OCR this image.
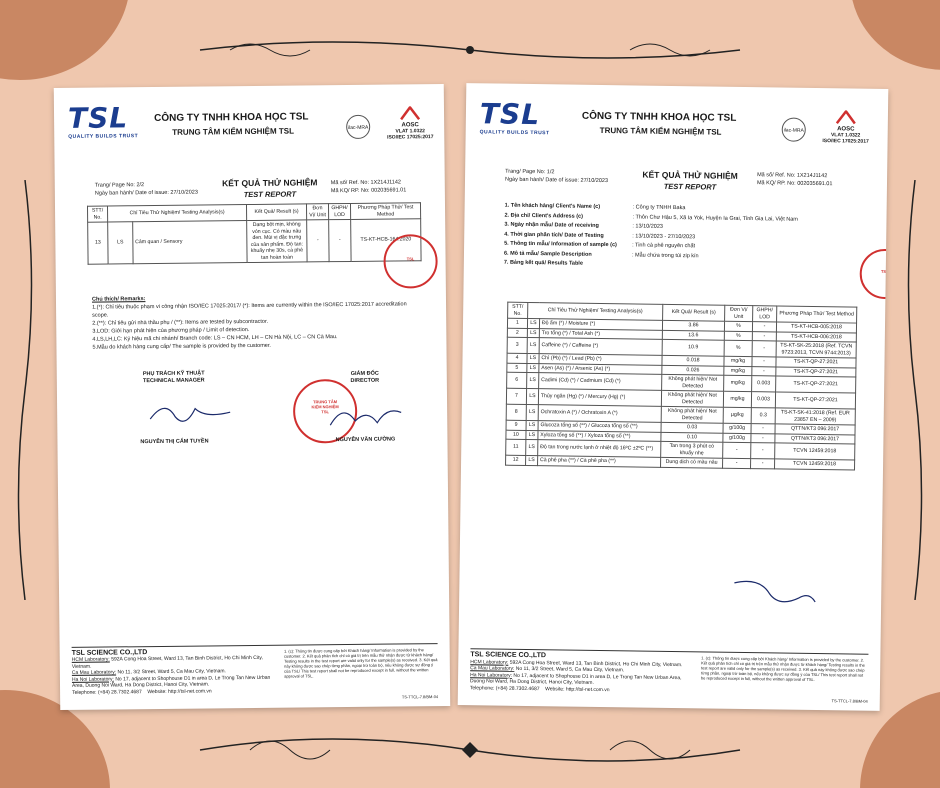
TSL
QUALITY BUILDS TRUST
CÔNG TY TNHH KHOA HỌC TSL
TRUNG TÂM KIỂM NGHIỆM TSL	ilac-MRA	AOSC
VLAT 1.0322
ISO/IEC 17025:2017
Trang/ Page No: 2/2
Ngày ban hành/ Date of issue: 27/10/2023
KẾT QUẢ THỬ NGHIỆM
TEST REPORT
Mã số/ Ref. No: 1X214J1142
Mã KQ/ RP. No: 002035691.01
STT/ No.	Chỉ Tiêu Thử Nghiệm/ Testing Analysis(s)		Kết Quả/ Result (s)	Đơn Vị/ Unit	GHPH/ LOD	Phương Pháp Thử/ Test Method
13	LS	Cảm quan / Sensory	Dạng bột mịn, không vón cục. Có màu nâu đen. Mùi vị đặc trưng của sản phẩm. Độ tan: khuấy nhẹ 30s, cà phê tan hoàn toàn	-	-	TS-KT-HCB-164:2020
Chú thích/ Remarks:
1.(*): Chỉ tiêu thuộc phạm vi công nhận ISO/IEC 17025:2017/ (*): Items are currently within the ISO/IEC 17025:2017 accreditation scope.
2.(**): Chỉ tiêu gửi nhà thầu phụ / (**): Items are tested by subcontractor.
3.LOD: Giới hạn phát hiện của phương pháp / Limit of detection.
4.LS,LH,LC: Ký hiệu mã chi nhánh/ Branch code: LS – CN HCM, LH – CN Hà Nội, LC – CN Cà Mau.
5.Mẫu do khách hàng cung cấp/ The sample is provided by the customer.
PHỤ TRÁCH KỸ THUẬT
TECHNICAL MANAGER
NGUYỄN THỊ CẨM TUYỀN
GIÁM ĐỐC
DIRECTOR
TRUNG TÂM
KIỂM NGHIỆM
TSL
NGUYỄN VĂN CƯỜNG
TSL
TSL SCIENCE CO.,LTD
HCM Laboratory: 592A Cong Hoa Street, Ward 13, Tan Binh District, Ho Chi Minh City, Vietnam.
Ca Mau Laboratory: No 11, 3/2 Street, Ward 5, Ca Mau City, Vietnam.
Ha Noi Laboratory: No 17, adjacent to Shophouse D1 in area D, Le Trong Tan New Urban Area, Duong Noi Ward, Ha Dong District, Hanoi City, Vietnam.
Telephone: (+84) 28.7302.4687 Website: http://tsl-net.com.vn
1. (c): Thông tin được cung cấp bởi Khách hàng/ Information is provided by the customer. 2. Kết quả phân tích chỉ có giá trị trên mẫu thử nhận được từ khách hàng/ Testing results in the test report are valid only for the sample(s) as received. 3. Kết quả này không được sao chép từng phần, ngoại trừ toàn bộ, nếu không được sự đồng ý của TSL/ This test report shall not be reproduced except in full, without the written approval of TSL.
TS-TTCL-7.8/BM-04
TSL
QUALITY BUILDS TRUST
CÔNG TY TNHH KHOA HỌC TSL
TRUNG TÂM KIỂM NGHIỆM TSL	ilac-MRA	AOSC
VLAT 1.0322
ISO/IEC 17025:2017
Trang/ Page No: 1/2
Ngày ban hành/ Date of issue: 27/10/2023	KẾT QUẢ THỬ NGHIỆM
TEST REPORT
Mã số/ Ref. No: 1X214J1142
Mã KQ/ RP. No: 002035691.01
1. Tên khách hàng/ Client's Name (c)	: Công ty TNHH Baka
2. Địa chỉ/ Client's Address (c)	: Thôn Chư Hậu 5, Xã Ia Yok, Huyện Ia Grai, Tỉnh Gia Lai, Việt Nam
3. Ngày nhận mẫu/ Date of receiving	: 13/10/2023
4. Thời gian phân tích/ Date of Testing	: 13/10/2023 - 27/10/2023
5. Thông tin mẫu/ Information of sample (c)	: Tinh cà phê nguyên chất
6. Mô tả mẫu/ Sample Description	: Mẫu chứa trong túi zip kín
7. Bảng kết quả/ Results Table
STT/ No.	Chỉ Tiêu Thử Nghiệm/ Testing Analysis(s)		Kết Quả/ Result (s)	Đơn Vị/ Unit	GHPH/ LOD	Phương Pháp Thử/ Test Method
1	LS	Độ ẩm (*) / Moisture (*)	3.86	%	-	TS-KT-HCB-005:2018
2	LS	Tro tổng (*) / Total Ash (*)	13.6	%	-	TS-KT-HCB-006:2018
3	LS	Caffeine (*) / Caffeine (*)	10.9	%	-	TS-KT-SK-25:2018 (Ref. TCVN 9723:2013, TCVN 9744:2013)
4	LS	Chì (Pb) (*) / Lead (Pb) (*)	0.018	mg/kg	-	TS-KT-QP-27:2021
5	LS	Asen (As) (*) / Arsenic (As) (*)	0.026	mg/kg	-	TS-KT-QP-27:2021
6	LS	Cadimi (Cd) (*) / Cadmium (Cd) (*)	Không phát hiện/ Not Detected	mg/kg	0.003	TS-KT-QP-27:2021
7	LS	Thủy ngân (Hg) (*) / Mercury (Hg) (*)	Không phát hiện/ Not Detected	mg/kg	0.003	TS-KT-QP-27:2021
8	LS	Ochratoxin A (*) / Ochratoxin A (*)	Không phát hiện/ Not Detected	µg/kg	0.3	TS-KT-SK-41:2018 (Ref. EUR 23857 EN – 2009)
9	LS	Glucoza tổng số (**) / Glucoza tổng số (**)	0.03	g/100g	-	QTTN/KT3 096:2017
10	LS	Xyloza tổng số (**) / Xyloza tổng số (**)	0.10	g/100g	-	QTTN/KT3 096:2017
11	LS	Độ tan trong nước lạnh ở nhiệt độ 16ºC ±2ºC (**)	Tan trong 3 phút có khuấy nhẹ	-	-	TCVN 12459:2018
12	LS	Cà phê pha (**) / Cà phê pha (**)	Dung dịch có màu nâu	-	-	TCVN 12459:2018
TSL
TSL SCIENCE CO.,LTD
HCM Laboratory: 592A Cong Hoa Street, Ward 13, Tan Binh District, Ho Chi Minh City, Vietnam.
Ca Mau Laboratory: No 11, 3/2 Street, Ward 5, Ca Mau City, Vietnam.
Ha Noi Laboratory: No 17, adjacent to Shophouse D1 in area D, Le Trong Tan New Urban Area, Duong Noi Ward, Ha Dong District, Hanoi City, Vietnam.
Telephone: (+84) 28.7302.4687 Website: http://tsl-net.com.vn
1. (c): Thông tin được cung cấp bởi Khách hàng/ Information is provided by the customer. 2. Kết quả phân tích chỉ có giá trị trên mẫu thử nhận được từ khách hàng/ Testing results in the test report are valid only for the sample(s) as received. 3. Kết quả này không được sao chép từng phần, ngoại trừ toàn bộ, nếu không được sự đồng ý của TSL/ This test report shall not be reproduced except in full, without the written approval of TSL.
TS-TTCL-7.8/BM-04
